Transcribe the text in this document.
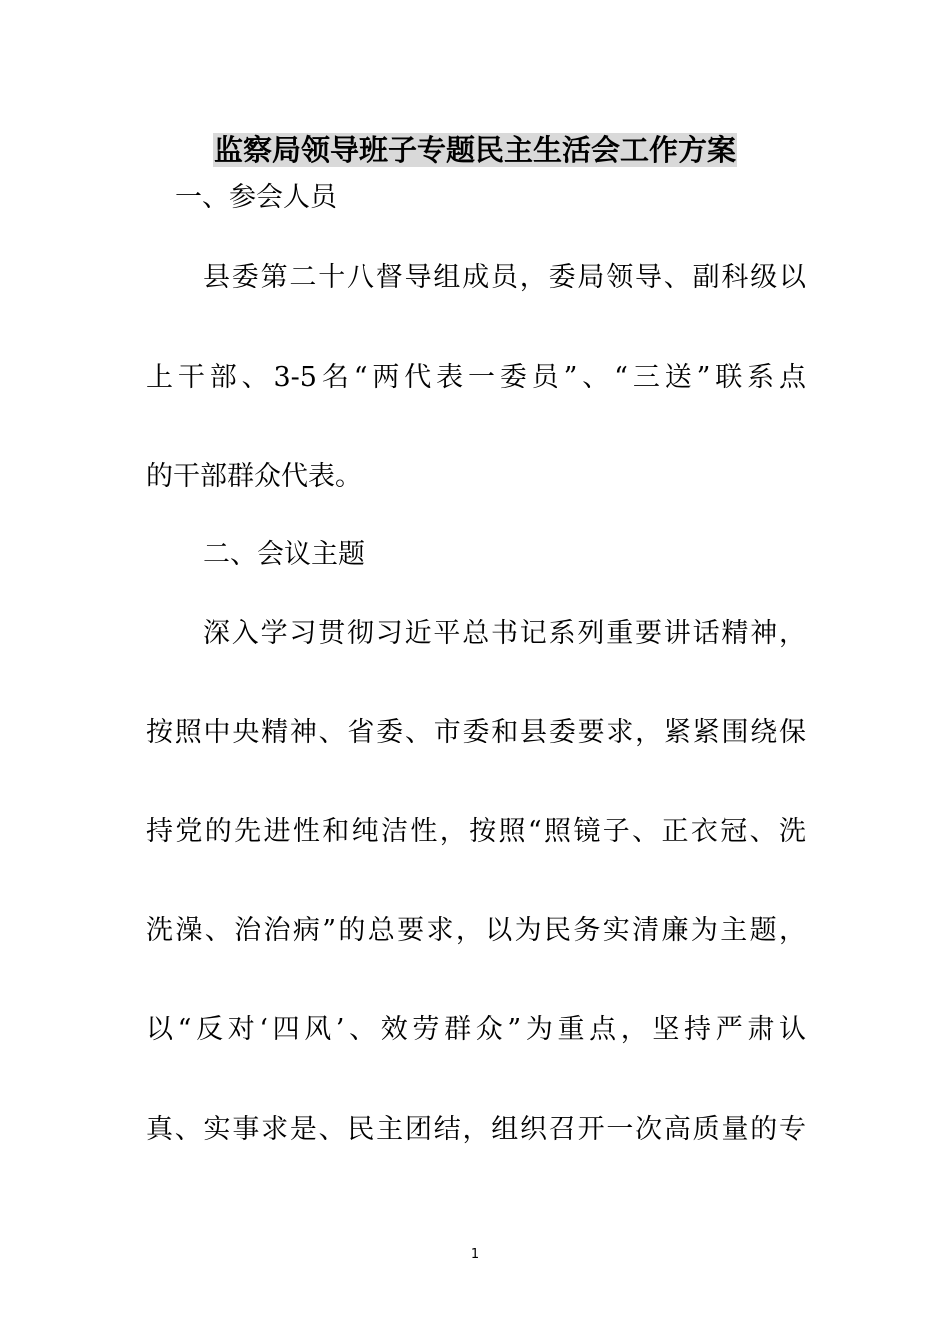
监察局领导班子专题民主生活会工作方案
一、参会人员
县委第二十八督导组成员，委局领导、副科级以
上干部、3-5名“两代表一委员”、“三送”联系点
的干部群众代表。
二、会议主题
深入学习贯彻习近平总书记系列重要讲话精神，
按照中央精神、省委、市委和县委要求，紧紧围绕保
持党的先进性和纯洁性，按照“照镜子、正衣冠、洗
洗澡、治治病”的总要求，以为民务实清廉为主题，
以“反对‘四风’、效劳群众”为重点，坚持严肃认
真、实事求是、民主团结，组织召开一次高质量的专
1
